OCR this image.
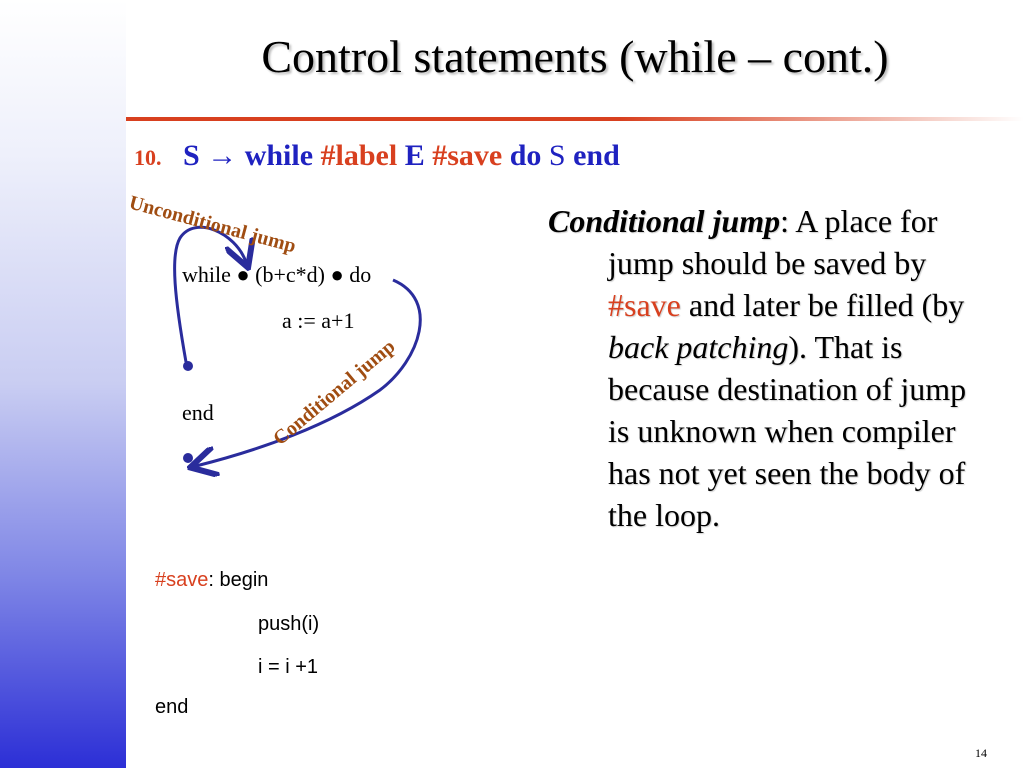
Control statements (while – cont.)
10. S → while #label E #save do S end
Unconditional jump
Conditional jump
while ● (b+c*d) ● do
a := a+1
end
#save: begin
push(i)
i = i +1
end
Conditional jump: A place for jump should be saved by #save and later be filled (by back patching). That is because destination of jump is unknown when compiler has not yet seen the body of the loop.
14
